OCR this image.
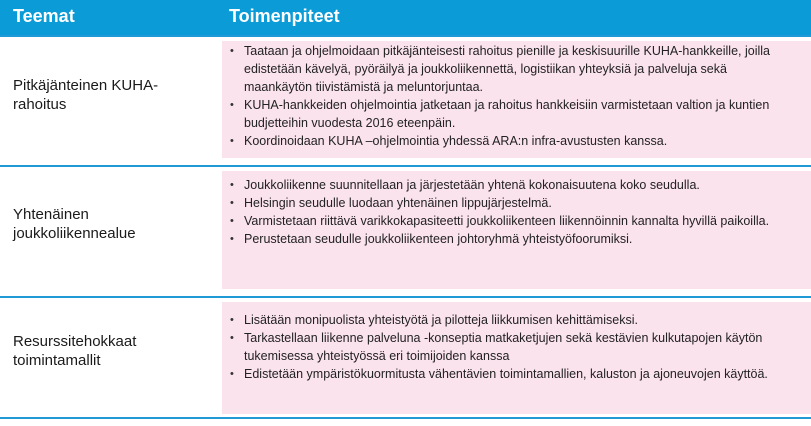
Teemat	Toimenpiteet
• Taataan ja ohjelmoidaan pitkäjänteisesti rahoitus pienille ja keskisuurille KUHA-hankkeille, joilla edistetään kävelyä, pyöräilyä ja joukkoliikennettä, logistiikan yhteyksiä ja palveluja sekä maankäytön tiivistämistä ja meluntorjuntaa.
• KUHA-hankkeiden ohjelmointia jatketaan ja rahoitus hankkeisiin varmistetaan valtion ja kuntien budjetteihin vuodesta 2016 eteenpäin.
• Koordinoidaan KUHA –ohjelmointia yhdessä ARA:n infra-avustusten kanssa.
Pitkäjänteinen KUHA-rahoitus
• Joukkoliikenne suunnitellaan ja järjestetään yhtenä kokonaisuutena koko seudulla.
• Helsingin seudulle luodaan yhtenäinen lippujärjestelmä.
• Varmistetaan riittävä varikkokapasiteetti joukkoliikenteen liikennöinnin kannalta hyvillä paikoilla.
• Perustetaan seudulle joukkoliikenteen johtoryhmä yhteistyöfoorumiksi.
Yhtenäinen joukkoliikennealue
• Lisätään monipuolista yhteistyötä ja pilotteja liikkumisen kehittämiseksi.
• Tarkastellaan liikenne palveluna -konseptia matkaketjujen sekä kestävien kulkutapojen käytön tukemisessa yhteistyössä eri toimijoiden kanssa
• Edistetään ympäristökuormitusta vähentävien toimintamallien, kaluston ja ajoneuvojen käyttöä.
Resurssitehokkaat toimintamallit
